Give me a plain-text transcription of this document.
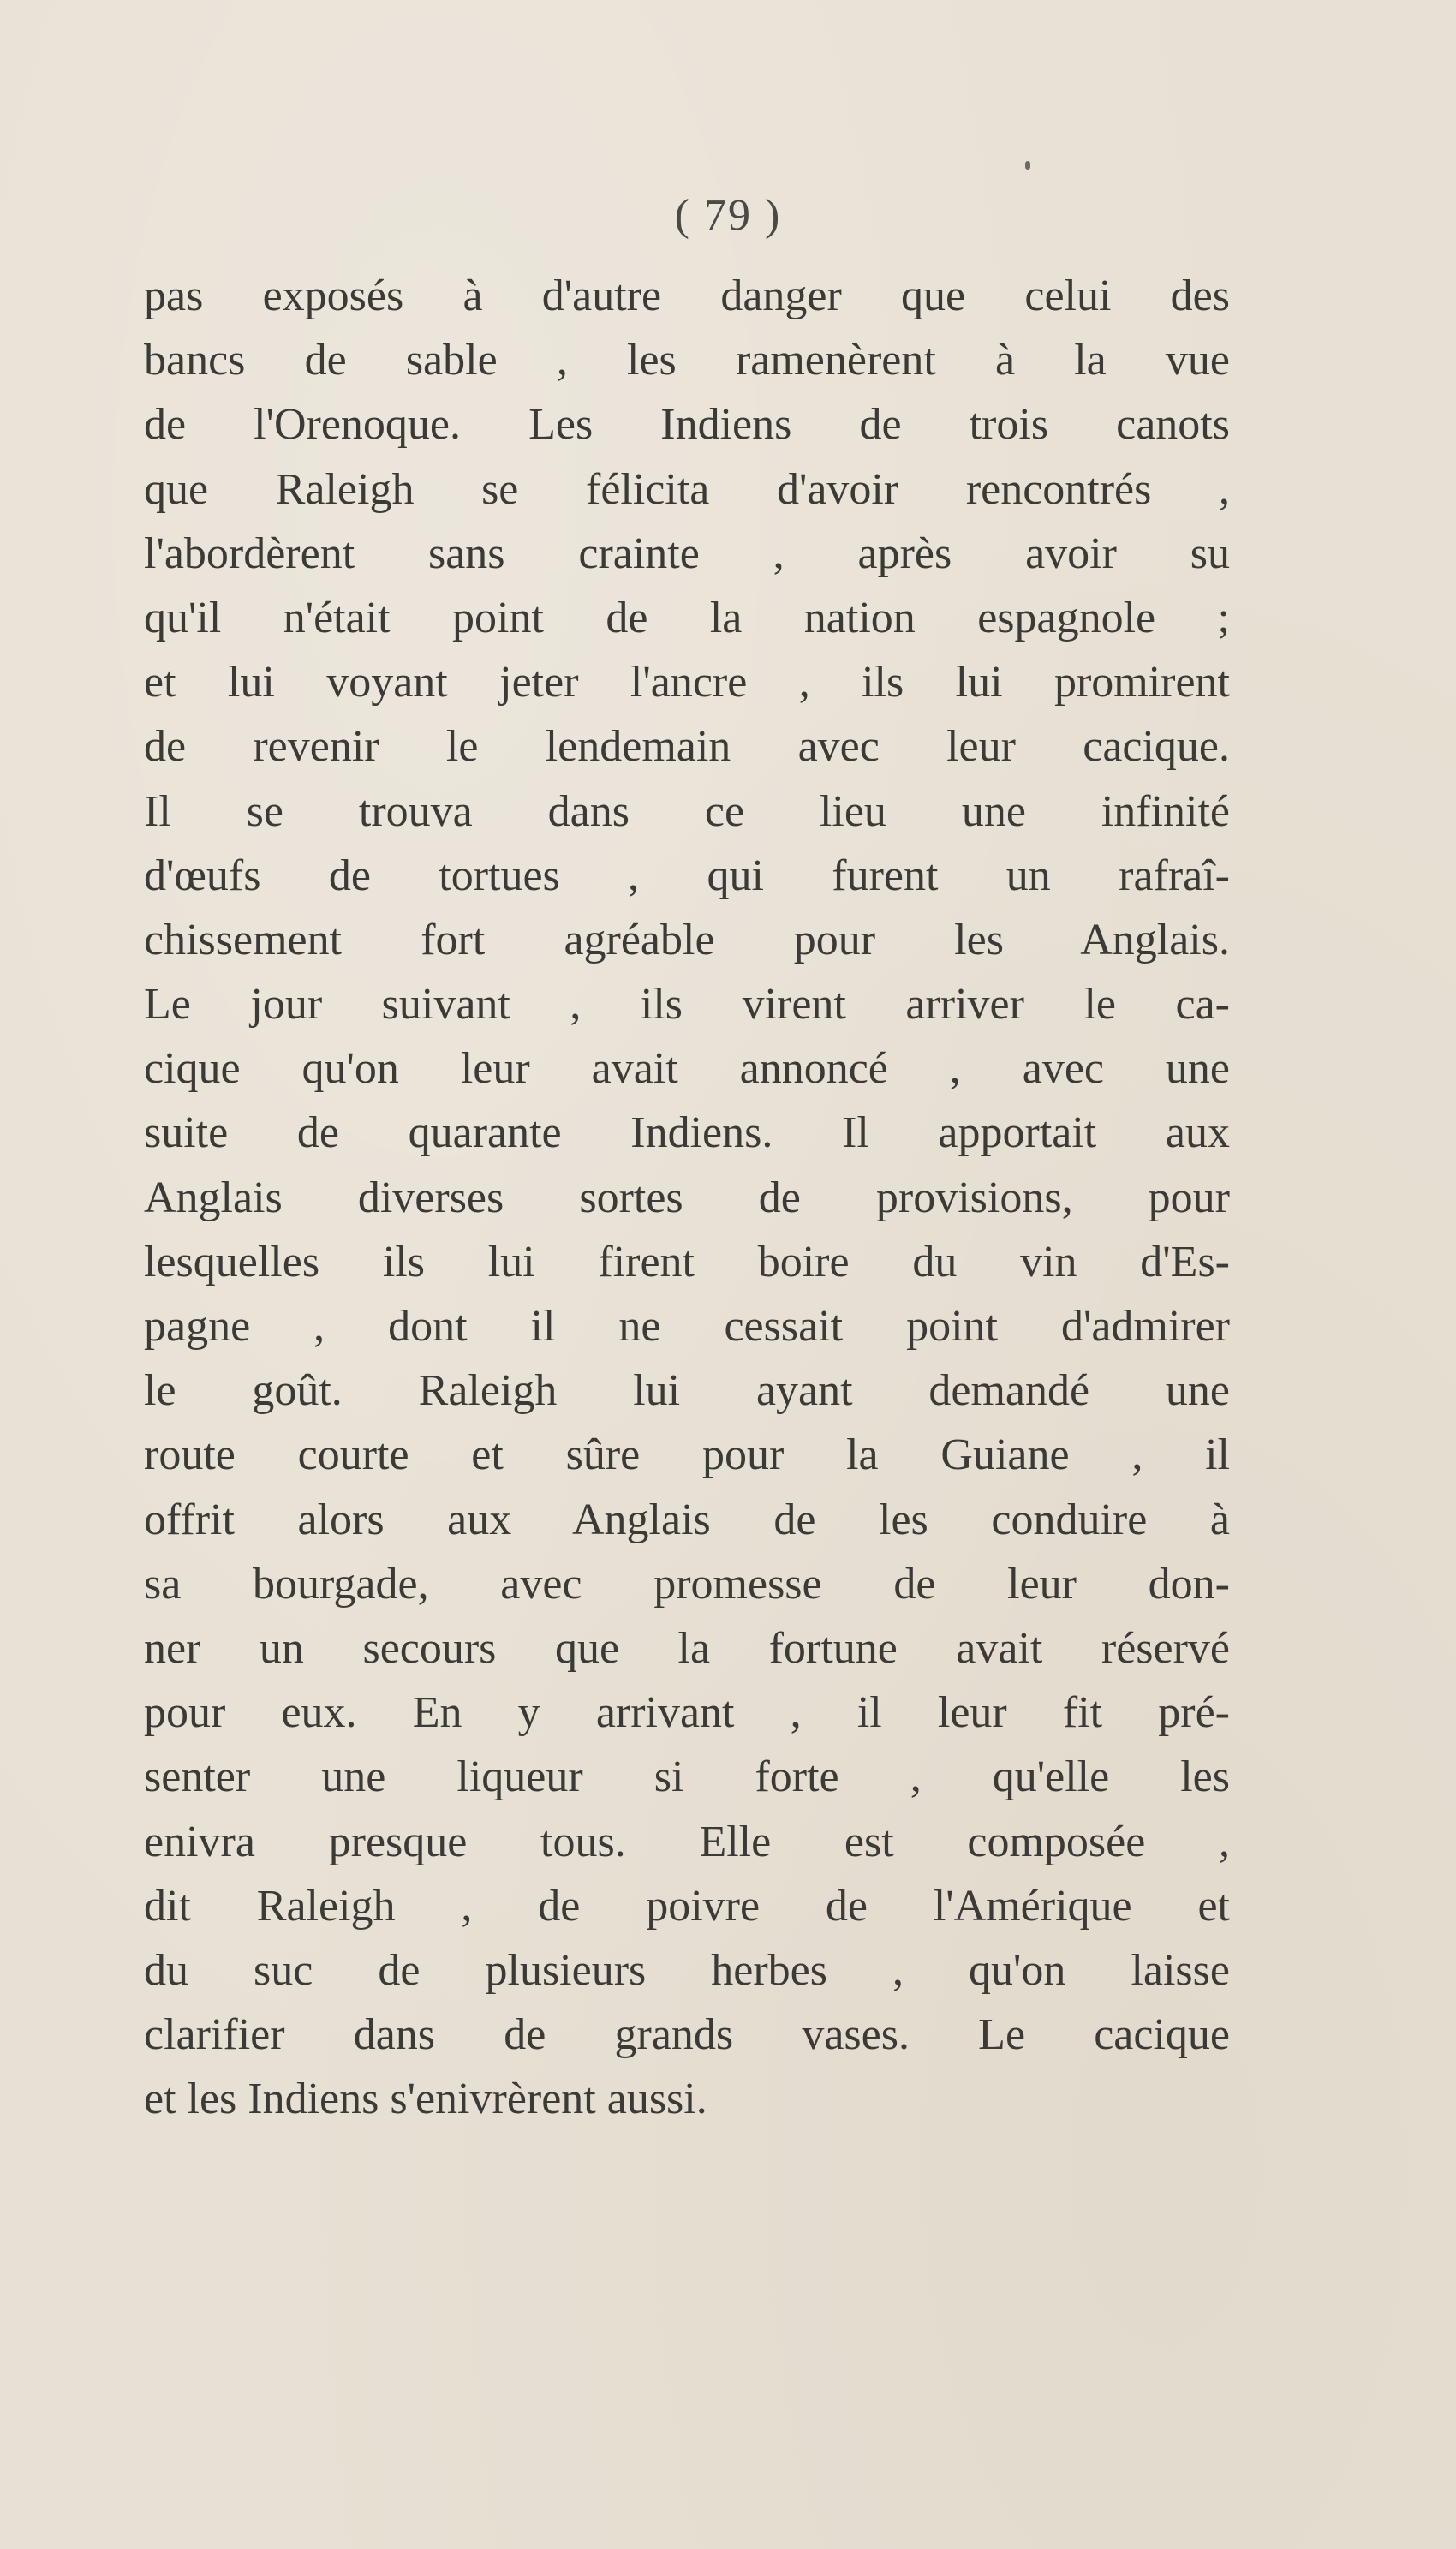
( 79 )
pas exposés à d'autre danger que celui des
bancs de sable , les ramenèrent à la vue
de l'Orenoque. Les Indiens de trois canots
que Raleigh se félicita d'avoir rencontrés ,
l'abordèrent sans crainte , après avoir su
qu'il n'était point de la nation espagnole ;
et lui voyant jeter l'ancre , ils lui promirent
de revenir le lendemain avec leur cacique.
Il se trouva dans ce lieu une infinité
d'œufs de tortues , qui furent un rafraî-
chissement fort agréable pour les Anglais.
Le jour suivant , ils virent arriver le ca-
cique qu'on leur avait annoncé , avec une
suite de quarante Indiens. Il apportait aux
Anglais diverses sortes de provisions, pour
lesquelles ils lui firent boire du vin d'Es-
pagne , dont il ne cessait point d'admirer
le goût. Raleigh lui ayant demandé une
route courte et sûre pour la Guiane , il
offrit alors aux Anglais de les conduire à
sa bourgade, avec promesse de leur don-
ner un secours que la fortune avait réservé
pour eux. En y arrivant , il leur fit pré-
senter une liqueur si forte , qu'elle les
enivra presque tous. Elle est composée ,
dit Raleigh , de poivre de l'Amérique et
du suc de plusieurs herbes , qu'on laisse
clarifier dans de grands vases. Le cacique
et les Indiens s'enivrèrent aussi.
